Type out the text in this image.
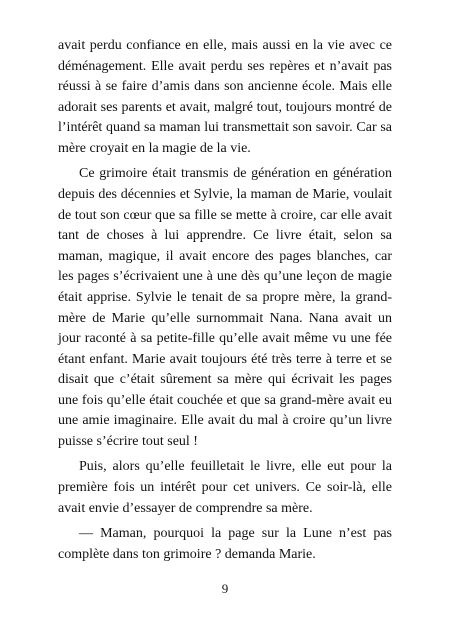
avait perdu confiance en elle, mais aussi en la vie avec ce déménagement. Elle avait perdu ses repères et n’avait pas réussi à se faire d’amis dans son ancienne école. Mais elle adorait ses parents et avait, malgré tout, toujours montré de l’intérêt quand sa maman lui transmettait son savoir. Car sa mère croyait en la magie de la vie.

Ce grimoire était transmis de génération en génération depuis des décennies et Sylvie, la maman de Marie, voulait de tout son cœur que sa fille se mette à croire, car elle avait tant de choses à lui apprendre. Ce livre était, selon sa maman, magique, il avait encore des pages blanches, car les pages s’écrivaient une à une dès qu’une leçon de magie était apprise. Sylvie le tenait de sa propre mère, la grand-mère de Marie qu’elle surnommait Nana. Nana avait un jour raconté à sa petite-fille qu’elle avait même vu une fée étant enfant. Marie avait toujours été très terre à terre et se disait que c’était sûrement sa mère qui écrivait les pages une fois qu’elle était couchée et que sa grand-mère avait eu une amie imaginaire. Elle avait du mal à croire qu’un livre puisse s’écrire tout seul !

Puis, alors qu’elle feuilletait le livre, elle eut pour la première fois un intérêt pour cet univers. Ce soir-là, elle avait envie d’essayer de comprendre sa mère.

― Maman, pourquoi la page sur la Lune n’est pas complète dans ton grimoire ? demanda Marie.

9
